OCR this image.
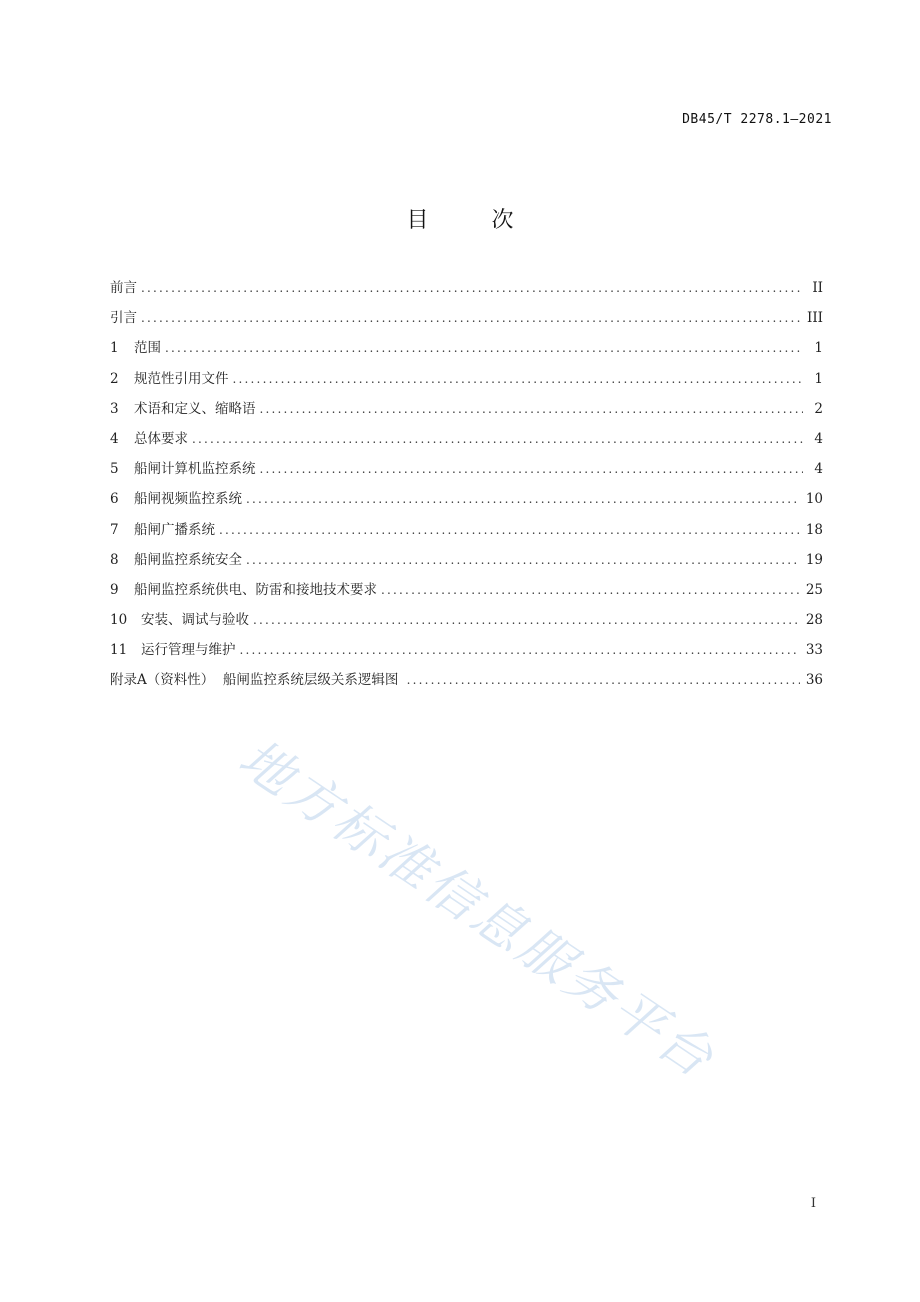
DB45/T 2278.1—2021
目 次
前言 .....	II
引言 .....	III
1	范围 .....	1
2	规范性引用文件 .....	1
3	术语和定义、缩略语 .....	2
4	总体要求 .....	4
5	船闸计算机监控系统 .....	4
6	船闸视频监控系统 .....	10
7	船闸广播系统 .....	18
8	船闸监控系统安全 .....	19
9	船闸监控系统供电、防雷和接地技术要求 .....	25
10	安装、调试与验收 .....	28
11	运行管理与维护 .....	33
附录A（资料性）  船闸监控系统层级关系逻辑图 .....	36
地方标准信息服务平台
I
